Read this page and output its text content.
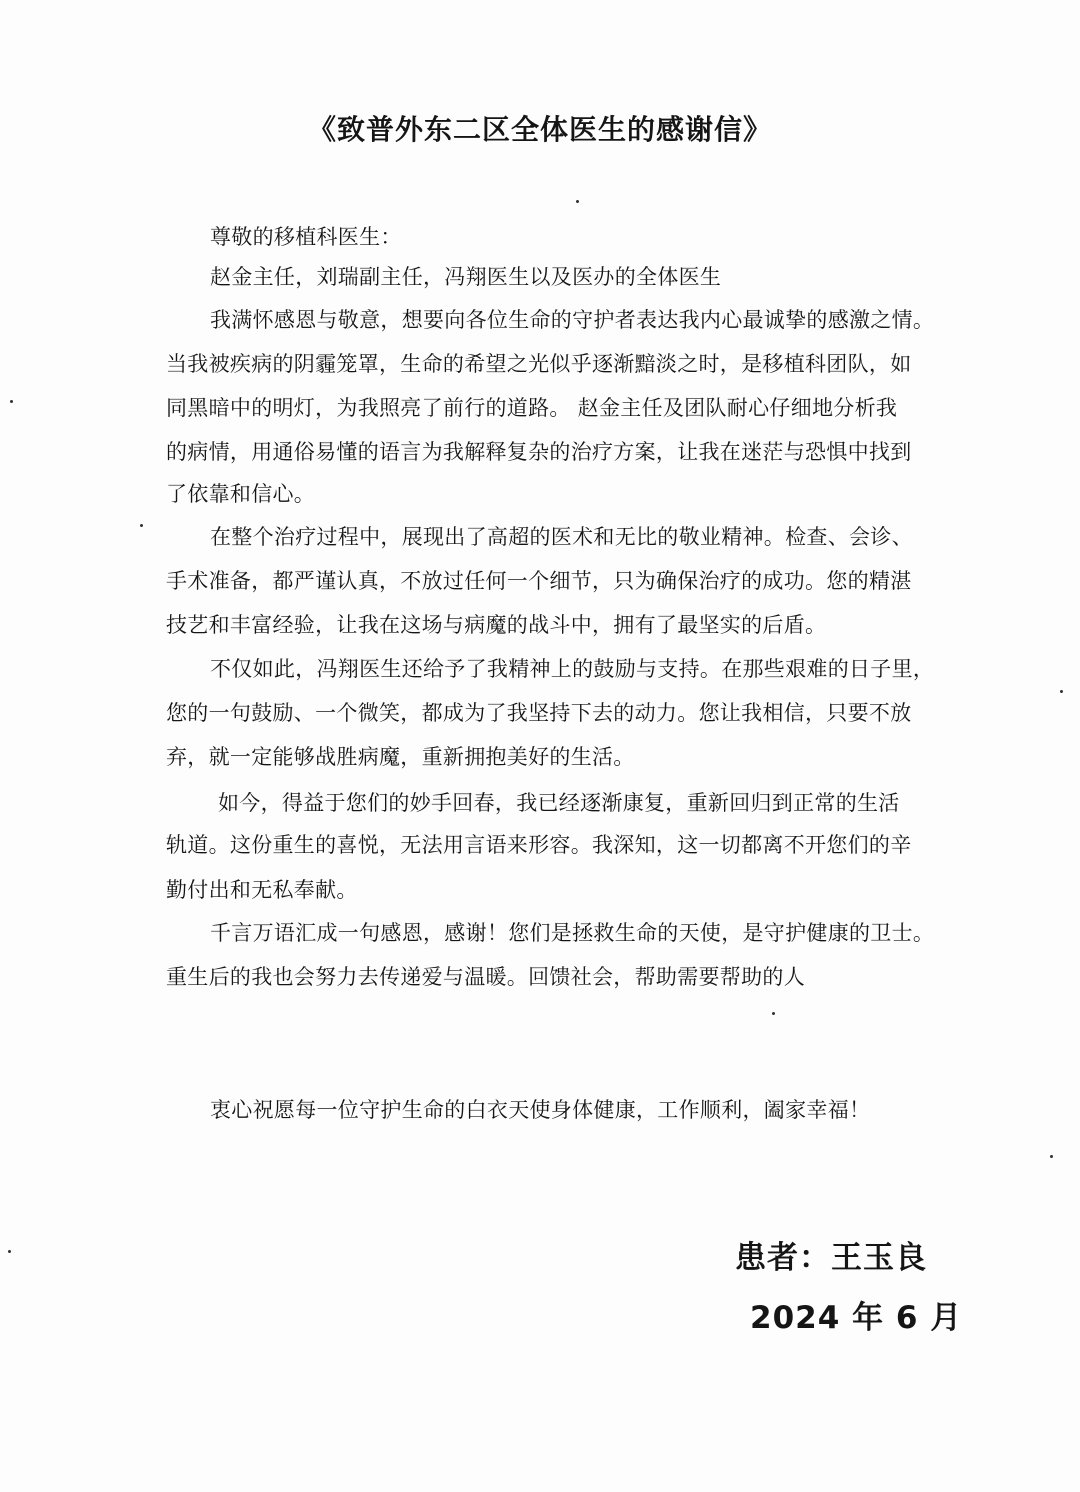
《致普外东二区全体医生的感谢信》
尊敬的移植科医生：
赵金主任，刘瑞副主任，冯翔医生以及医办的全体医生
我满怀感恩与敬意，想要向各位生命的守护者表达我内心最诚挚的感激之情。
当我被疾病的阴霾笼罩，生命的希望之光似乎逐渐黯淡之时，是移植科团队，如
同黑暗中的明灯，为我照亮了前行的道路。 赵金主任及团队耐心仔细地分析我
的病情，用通俗易懂的语言为我解释复杂的治疗方案，让我在迷茫与恐惧中找到
了依靠和信心。
在整个治疗过程中，展现出了高超的医术和无比的敬业精神。检查、会诊、
手术准备，都严谨认真，不放过任何一个细节，只为确保治疗的成功。您的精湛
技艺和丰富经验，让我在这场与病魔的战斗中，拥有了最坚实的后盾。
不仅如此，冯翔医生还给予了我精神上的鼓励与支持。在那些艰难的日子里，
您的一句鼓励、一个微笑，都成为了我坚持下去的动力。您让我相信，只要不放
弃，就一定能够战胜病魔，重新拥抱美好的生活。
如今，得益于您们的妙手回春，我已经逐渐康复，重新回归到正常的生活
轨道。这份重生的喜悦，无法用言语来形容。我深知，这一切都离不开您们的辛
勤付出和无私奉献。
千言万语汇成一句感恩，感谢！您们是拯救生命的天使，是守护健康的卫士。
重生后的我也会努力去传递爱与温暖。回馈社会，帮助需要帮助的人
衷心祝愿每一位守护生命的白衣天使身体健康，工作顺利，阖家幸福！
患者：王玉良
2024 年 6 月
